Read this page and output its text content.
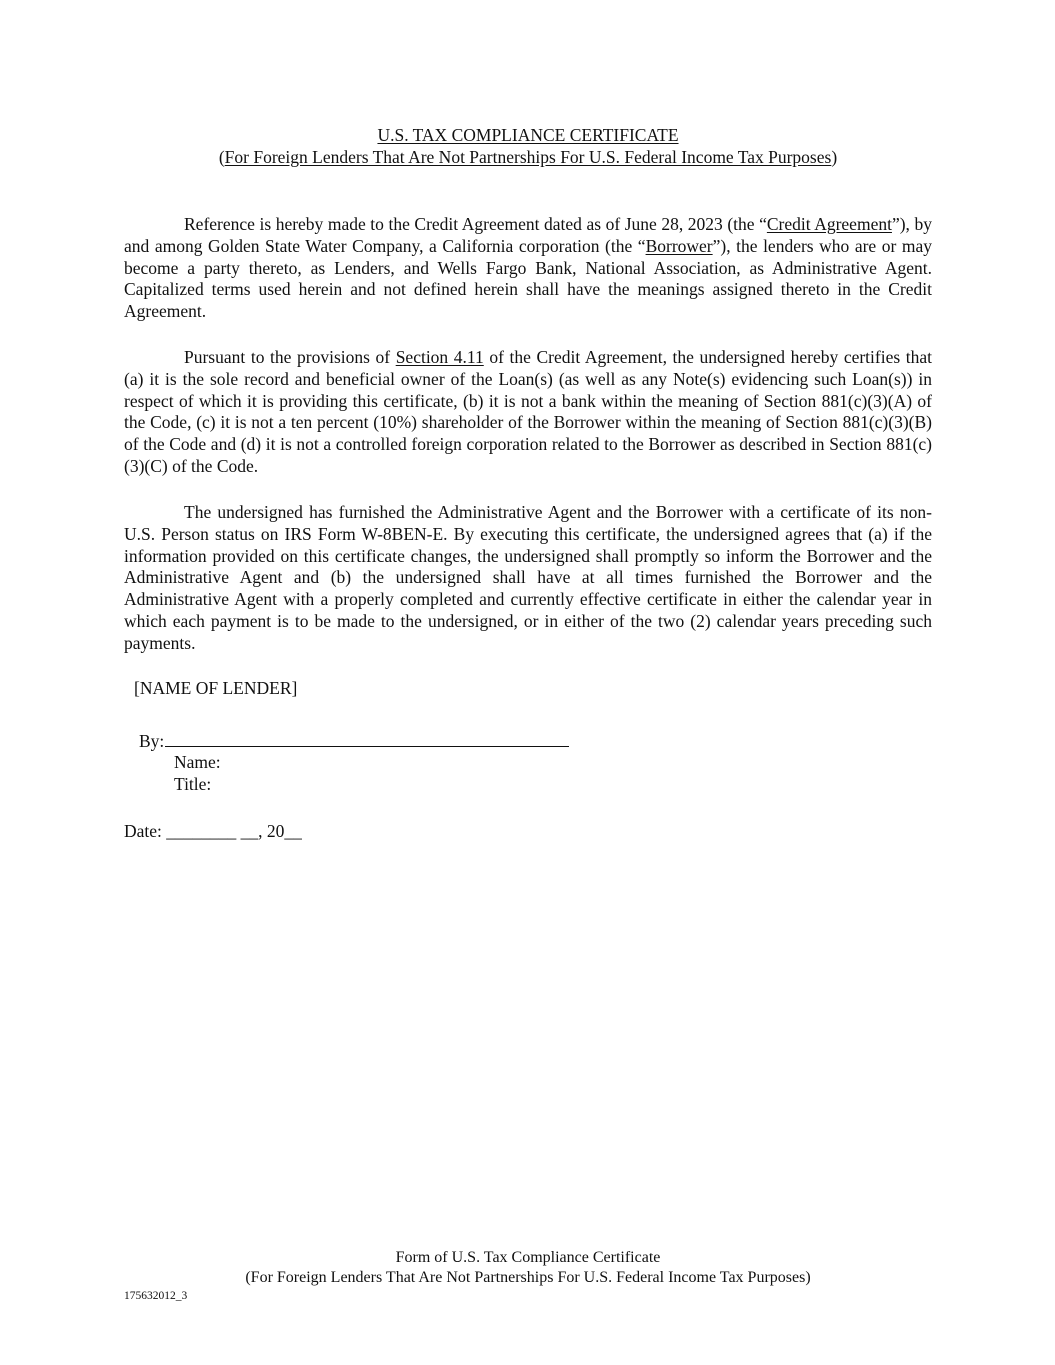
U.S. TAX COMPLIANCE CERTIFICATE
(For Foreign Lenders That Are Not Partnerships For U.S. Federal Income Tax Purposes)

Reference is hereby made to the Credit Agreement dated as of June 28, 2023 (the “Credit Agreement”), by and among Golden State Water Company, a California corporation (the “Borrower”), the lenders who are or may become a party thereto, as Lenders, and Wells Fargo Bank, National Association, as Administrative Agent. Capitalized terms used herein and not defined herein shall have the meanings assigned thereto in the Credit Agreement.

Pursuant to the provisions of Section 4.11 of the Credit Agreement, the undersigned hereby certifies that (a) it is the sole record and beneficial owner of the Loan(s) (as well as any Note(s) evidencing such Loan(s)) in respect of which it is providing this certificate, (b) it is not a bank within the meaning of Section 881(c)(3)(A) of the Code, (c) it is not a ten percent (10%) shareholder of the Borrower within the meaning of Section 881(c)(3)(B) of the Code and (d) it is not a controlled foreign corporation related to the Borrower as described in Section 881(c)(3)(C) of the Code.

The undersigned has furnished the Administrative Agent and the Borrower with a certificate of its non-U.S. Person status on IRS Form W-8BEN-E. By executing this certificate, the undersigned agrees that (a) if the information provided on this certificate changes, the undersigned shall promptly so inform the Borrower and the Administrative Agent and (b) the undersigned shall have at all times furnished the Borrower and the Administrative Agent with a properly completed and currently effective certificate in either the calendar year in which each payment is to be made to the undersigned, or in either of the two (2) calendar years preceding such payments.

[NAME OF LENDER]
By:
Name:
Title:
Date: ________ __, 20__
Form of U.S. Tax Compliance Certificate
(For Foreign Lenders That Are Not Partnerships For U.S. Federal Income Tax Purposes)
175632012_3
